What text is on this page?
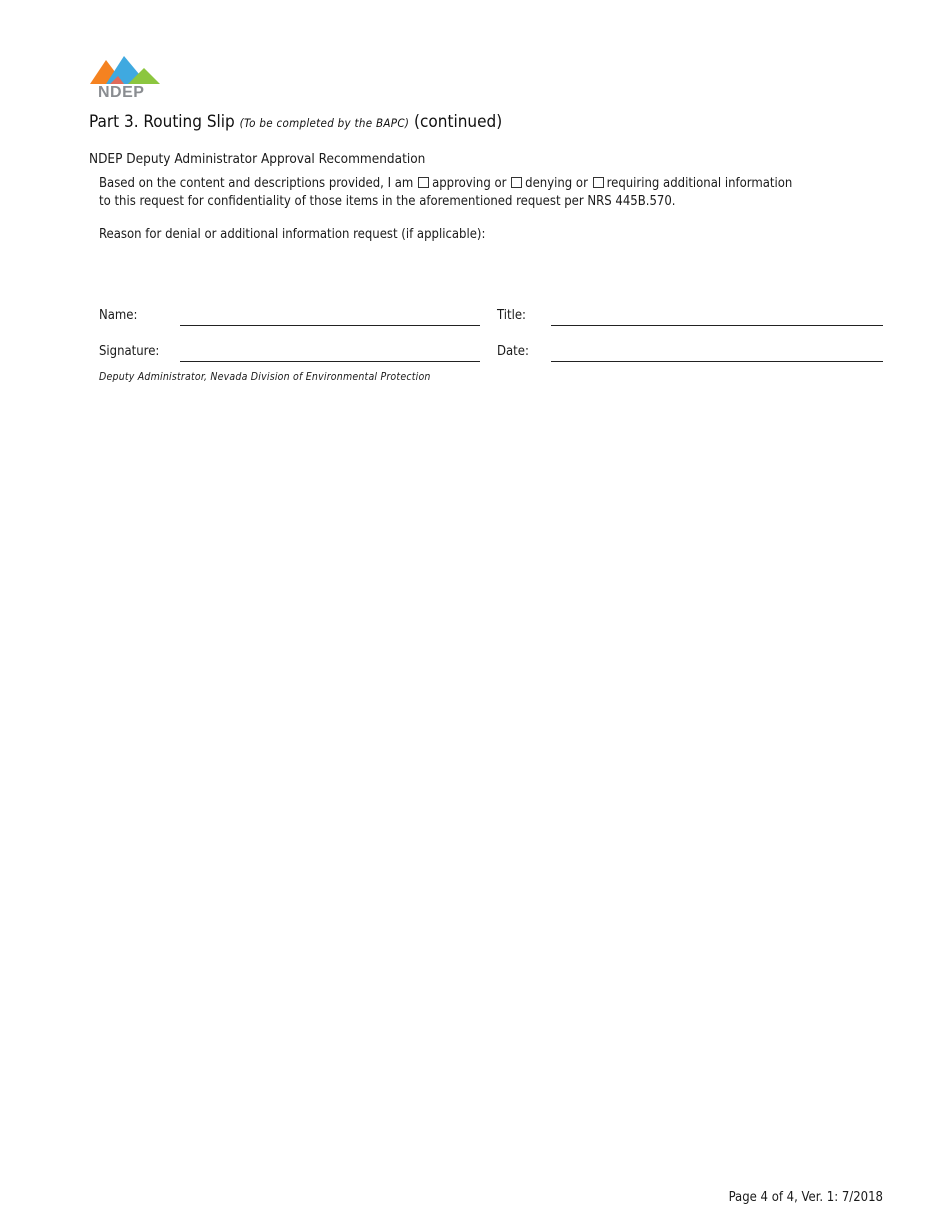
NDEP
Part 3. Routing Slip (To be completed by the BAPC) (continued)
NDEP Deputy Administrator Approval Recommendation
Based on the content and descriptions provided, I am approving or denying or requiring additional information
to this request for confidentiality of those items in the aforementioned request per NRS 445B.570.
Reason for denial or additional information request (if applicable):
Name:	Title:
Signature:	Date:
Deputy Administrator, Nevada Division of Environmental Protection
Page 4 of 4, Ver. 1: 7/2018
